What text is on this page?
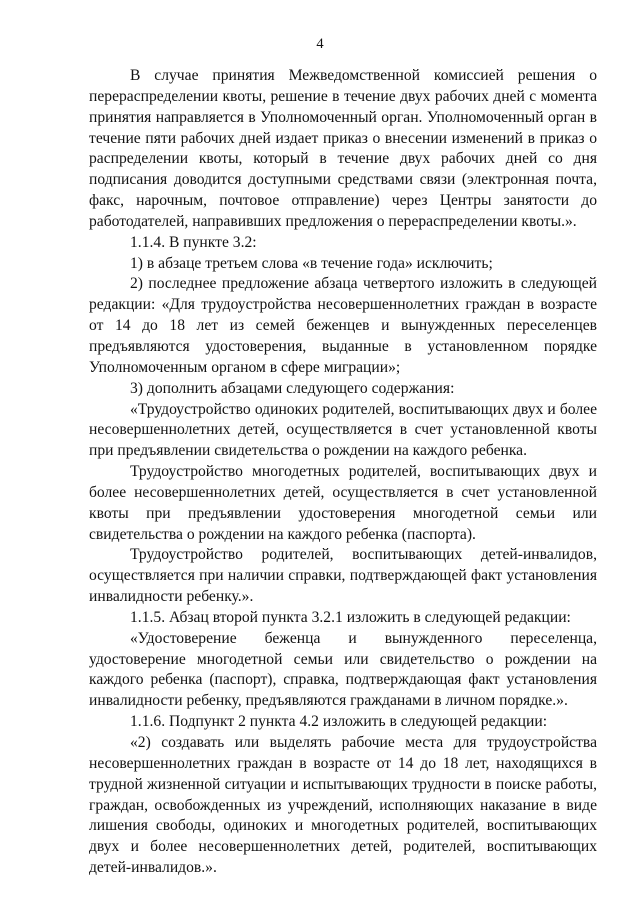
4

В случае принятия Межведомственной комиссией решения о перераспределении квоты, решение в течение двух рабочих дней с момента принятия направляется в Уполномоченный орган. Уполномоченный орган в течение пяти рабочих дней издает приказ о внесении изменений в приказ о распределении квоты, который в течение двух рабочих дней со дня подписания доводится доступными средствами связи (электронная почта, факс, нарочным, почтовое отправление) через Центры занятости до работодателей, направивших предложения о перераспределении квоты.».

1.1.4. В пункте 3.2:

1) в абзаце третьем слова «в течение года» исключить;

2) последнее предложение абзаца четвертого изложить в следующей редакции: «Для трудоустройства несовершеннолетних граждан в возрасте от 14 до 18 лет из семей беженцев и вынужденных переселенцев предъявляются удостоверения, выданные в установленном порядке Уполномоченным органом в сфере миграции»;

3) дополнить абзацами следующего содержания:

«Трудоустройство одиноких родителей, воспитывающих двух и более несовершеннолетних детей, осуществляется в счет установленной квоты при предъявлении свидетельства о рождении на каждого ребенка.

Трудоустройство многодетных родителей, воспитывающих двух и более несовершеннолетних детей, осуществляется в счет установленной квоты при предъявлении удостоверения многодетной семьи или свидетельства о рождении на каждого ребенка (паспорта).

Трудоустройство родителей, воспитывающих детей-инвалидов, осуществляется при наличии справки, подтверждающей факт установления инвалидности ребенку.».

1.1.5. Абзац второй пункта 3.2.1 изложить в следующей редакции:

«Удостоверение беженца и вынужденного переселенца, удостоверение многодетной семьи или свидетельство о рождении на каждого ребенка (паспорт), справка, подтверждающая факт установления инвалидности ребенку, предъявляются гражданами в личном порядке.».

1.1.6. Подпункт 2 пункта 4.2 изложить в следующей редакции:

«2) создавать или выделять рабочие места для трудоустройства несовершеннолетних граждан в возрасте от 14 до 18 лет, находящихся в трудной жизненной ситуации и испытывающих трудности в поиске работы, граждан, освобожденных из учреждений, исполняющих наказание в виде лишения свободы, одиноких и многодетных родителей, воспитывающих двух и более несовершеннолетних детей, родителей, воспитывающих детей-инвалидов.».
